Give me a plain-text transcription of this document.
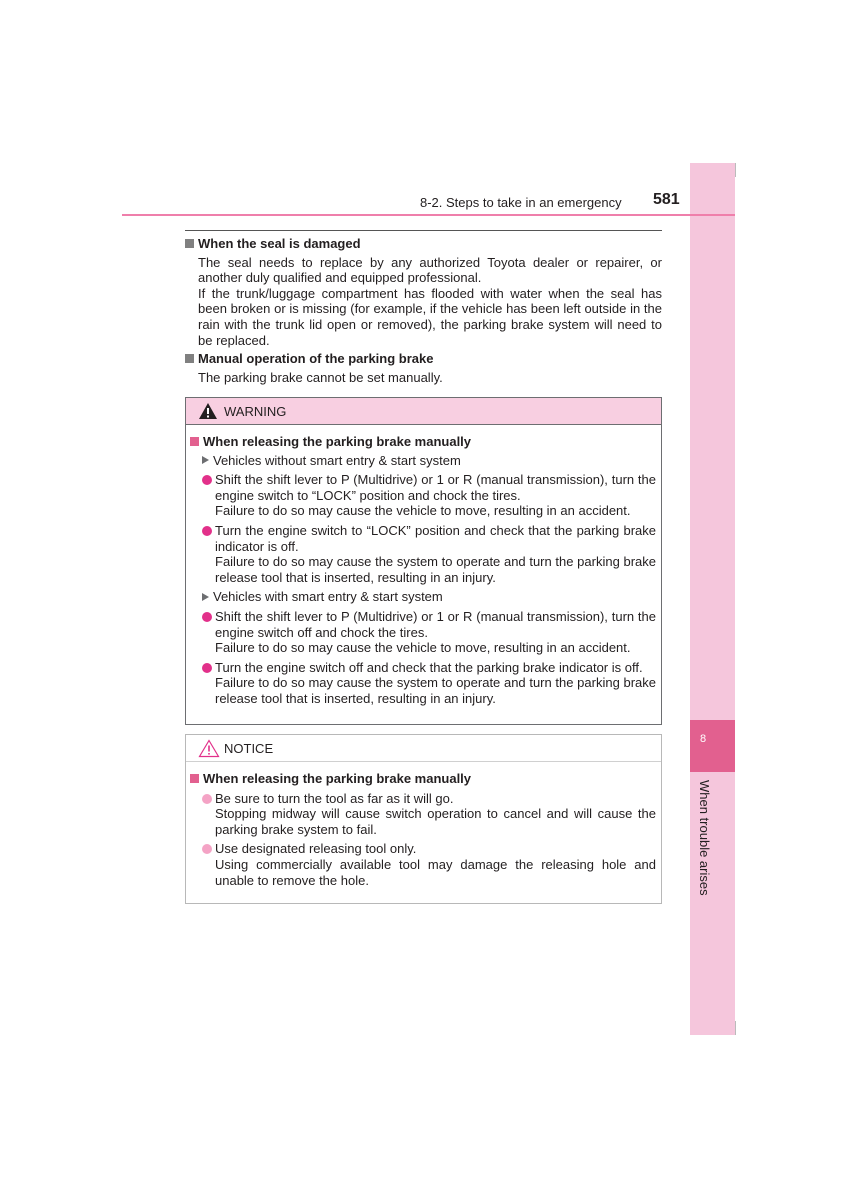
8
When trouble arises
8-2. Steps to take in an emergency 581
When the seal is damaged
The seal needs to replace by any authorized Toyota dealer or repairer, or another duly qualified and equipped professional.
If the trunk/luggage compartment has flooded with water when the seal has been broken or is missing (for example, if the vehicle has been left outside in the rain with the trunk lid open or removed), the parking brake system will need to be replaced.
Manual operation of the parking brake
The parking brake cannot be set manually.
WARNING
When releasing the parking brake manually
Vehicles without smart entry & start system
Shift the shift lever to P (Multidrive) or 1 or R (manual transmission), turn the engine switch to “LOCK” position and chock the tires.
Failure to do so may cause the vehicle to move, resulting in an accident.
Turn the engine switch to “LOCK” position and check that the parking brake indicator is off.
Failure to do so may cause the system to operate and turn the parking brake release tool that is inserted, resulting in an injury.
Vehicles with smart entry & start system
Shift the shift lever to P (Multidrive) or 1 or R (manual transmission), turn the engine switch off and chock the tires.
Failure to do so may cause the vehicle to move, resulting in an accident.
Turn the engine switch off and check that the parking brake indicator is off.
Failure to do so may cause the system to operate and turn the parking brake release tool that is inserted, resulting in an injury.
NOTICE
When releasing the parking brake manually
Be sure to turn the tool as far as it will go.
Stopping midway will cause switch operation to cancel and will cause the parking brake system to fail.
Use designated releasing tool only.
Using commercially available tool may damage the releasing hole and unable to remove the hole.
